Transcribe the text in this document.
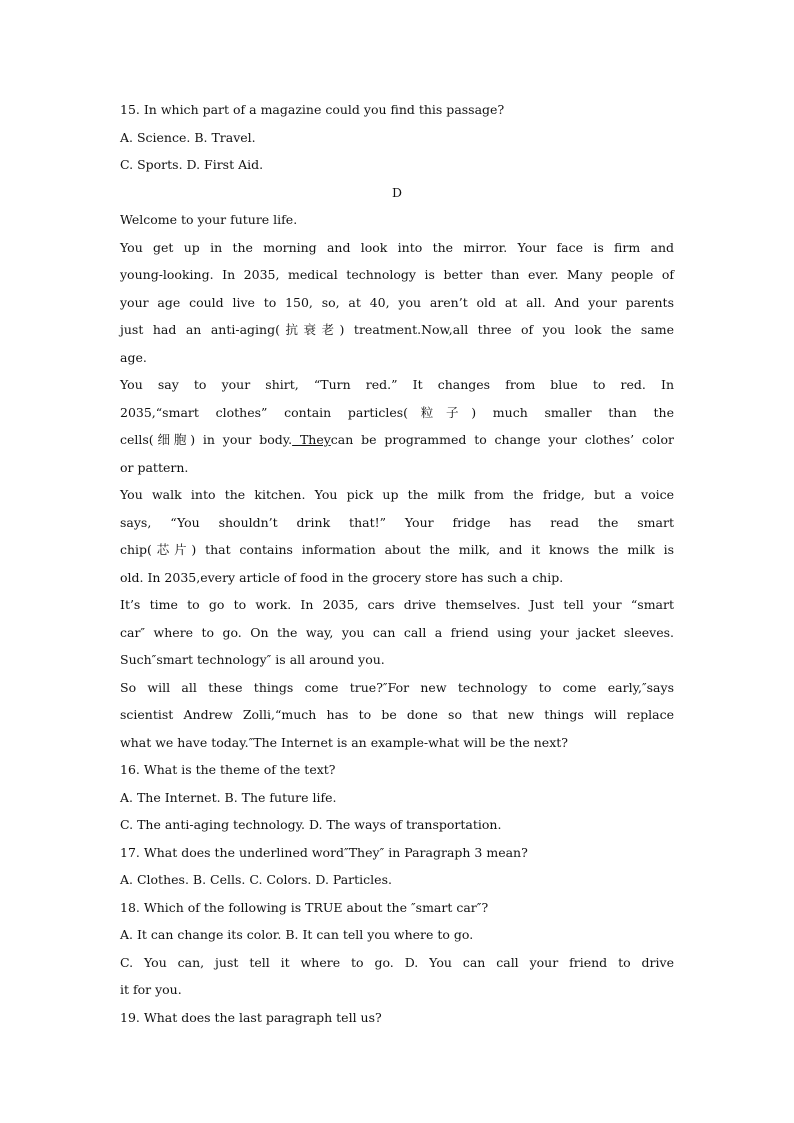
15. In which part of a magazine could you find this passage?

A. Science. B. Travel.

C. Sports. D. First Aid.

D

Welcome to your future life.

You get up in the morning and look into the mirror. Your face is firm and

young-looking. In 2035, medical technology is better than ever. Many people of

your age could live to 150, so, at 40, you aren’t old at all. And your parents

just had an anti-aging(抗衰老) treatment.Now,all three of you look the same

age.

You say to your shirt, “Turn red.” It changes from blue to red. In

2035,“smart clothes” contain particles(粒子) much smaller than the

cells(细胞) in your body. Theycan be programmed to change your clothes’ color

or pattern.

You walk into the kitchen. You pick up the milk from the fridge, but a voice

says, “You shouldn’t drink that!” Your fridge has read the smart

chip(芯片) that contains information about the milk, and it knows the milk is

old. In 2035,every article of food in the grocery store has such a chip.

It’s time to go to work. In 2035, cars drive themselves. Just tell your “smart

car″ where to go. On the way, you can call a friend using your jacket sleeves.

Such″smart technology″ is all around you.

So will all these things come true?″For new technology to come early,″says

scientist Andrew Zolli,“much has to be done so that new things will replace

what we have today.″The Internet is an example-what will be the next?

16. What is the theme of the text?

A. The Internet. B. The future life.

C. The anti-aging technology. D. The ways of transportation.

17. What does the underlined word″They″ in Paragraph 3 mean?

A. Clothes. B. Cells. C. Colors. D. Particles.

18. Which of the following is TRUE about the ″smart car″?

A. It can change its color. B. It can tell you where to go.

C. You can, just tell it where to go. D. You can call your friend to drive

it for you.

19. What does the last paragraph tell us?
